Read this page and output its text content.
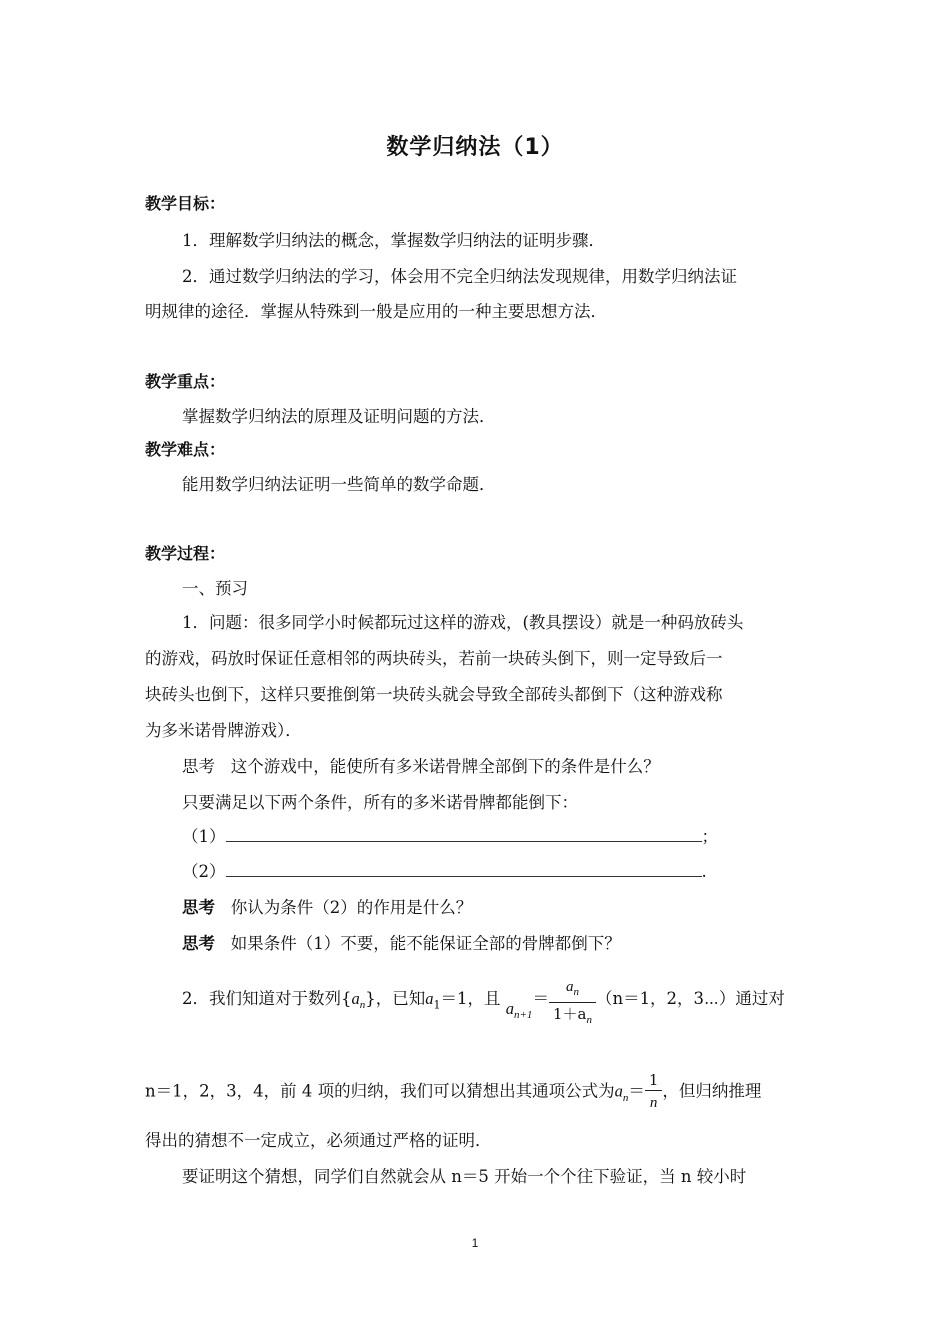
数学归纳法（1）
教学目标：
1．理解数学归纳法的概念，掌握数学归纳法的证明步骤．
2．通过数学归纳法的学习，体会用不完全归纳法发现规律，用数学归纳法证
明规律的途径．掌握从特殊到一般是应用的一种主要思想方法．
教学重点：
掌握数学归纳法的原理及证明问题的方法．
教学难点：
能用数学归纳法证明一些简单的数学命题．
教学过程：
一、预习
1．问题：很多同学小时候都玩过这样的游戏，(教具摆设）就是一种码放砖头
的游戏，码放时保证任意相邻的两块砖头，若前一块砖头倒下，则一定导致后一
块砖头也倒下，这样只要推倒第一块砖头就会导致全部砖头都倒下（这种游戏称
为多米诺骨牌游戏）．
思考 这个游戏中，能使所有多米诺骨牌全部倒下的条件是什么？
只要满足以下两个条件，所有的多米诺骨牌都能倒下：
（1）	；
（2）	.
思考 你认为条件（2）的作用是什么？
思考 如果条件（1）不要，能不能保证全部的骨牌都倒下？
2．我们知道对于数列$\{a_n\}$，已知$a_1=1$，且 $a_{n+1}= \frac{a_n}{1+a_n} (n=1$，2，3⋯）通过对
n＝1，2，3，4，前 4 项的归纳，我们可以猜想出其通项公式为$a_n= \frac{1}{n}$ ，但归纳推理
得出的猜想不一定成立，必须通过严格的证明．
要证明这个猜想，同学们自然就会从 n＝5 开始一个个往下验证，当 n 较小时
1
